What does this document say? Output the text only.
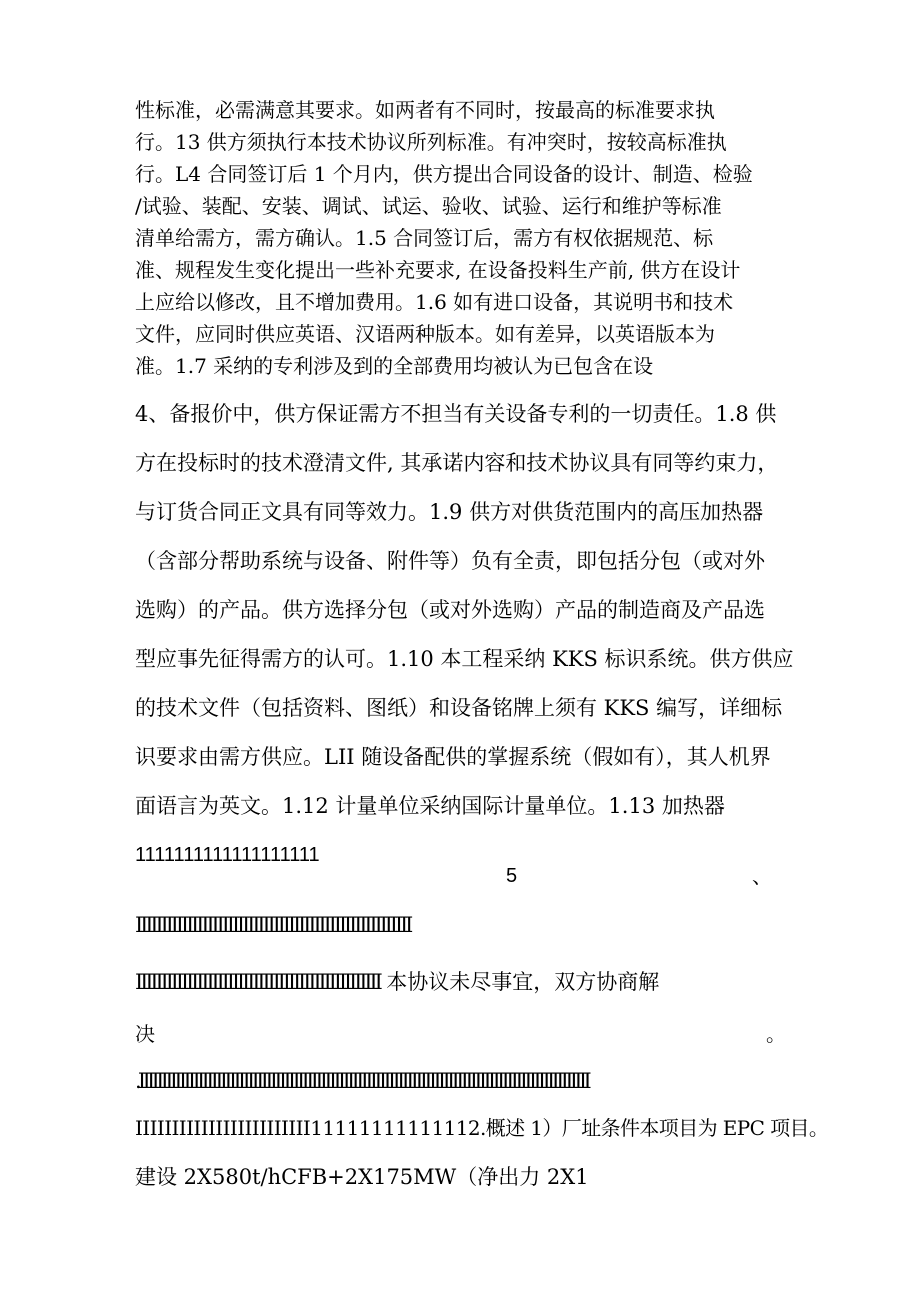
性标准，必需满意其要求。如两者有不同时，按最高的标准要求执

行。13 供方须执行本技术协议所列标准。有冲突时，按较高标准执

行。L4 合同签订后 1 个月内，供方提出合同设备的设计、制造、检验

/试验、装配、安装、调试、试运、验收、试验、运行和维护等标准

清单给需方，需方确认。1.5 合同签订后，需方有权依据规范、标

准、规程发生变化提出一些补充要求, 在设备投料生产前, 供方在设计

上应给以修改，且不增加费用。1.6 如有进口设备，其说明书和技术

文件，应同时供应英语、汉语两种版本。如有差异，以英语版本为

准。1.7 采纳的专利涉及到的全部费用均被认为已包含在设

4、备报价中，供方保证需方不担当有关设备专利的一切责任。1.8 供

方在投标时的技术澄清文件, 其承诺内容和技术协议具有同等约束力，

与订货合同正文具有同等效力。1.9 供方对供货范围内的高压加热器

（含部分帮助系统与设备、附件等）负有全责，即包括分包（或对外

选购）的产品。供方选择分包（或对外选购）产品的制造商及产品选

型应事先征得需方的认可。1.10 本工程采纳 KKS 标识系统。供方供应

的技术文件（包括资料、图纸）和设备铭牌上须有 KKS 编写，详细标

识要求由需方供应。LII 随设备配供的掌握系统（假如有），其人机界

面语言为英文。1.12 计量单位采纳国际计量单位。1.13 加热器

1111111111111111111

5	、

IIIIIIIIIIIIIIIIIIIIIIIIIIIIIIIIIIIIIIIIIIIIIIIIIIIIII

IIIIIIIIIIIIIIIIIIIIIIIIIIIIIIIIIIIIIIIIIIIIIIII 本协议未尽事宜，双方协商解
决	。

.IIIIIIIIIIIIIIIIIIIIIIIIIIIIIIIIIIIIIIIIIIIIIIIIIIIIIIIIIIIIIIIIIIIIIIIIIIIIIIIIIIIIIIIIIIIIIIIIIII

IIIIIIIIIIIIIIIIIIIIIIII11111111111112.概述 1）厂址条件本项目为 EPC 项目。

建设 2X580t/hCFB+2X175MW（净出力 2X1
